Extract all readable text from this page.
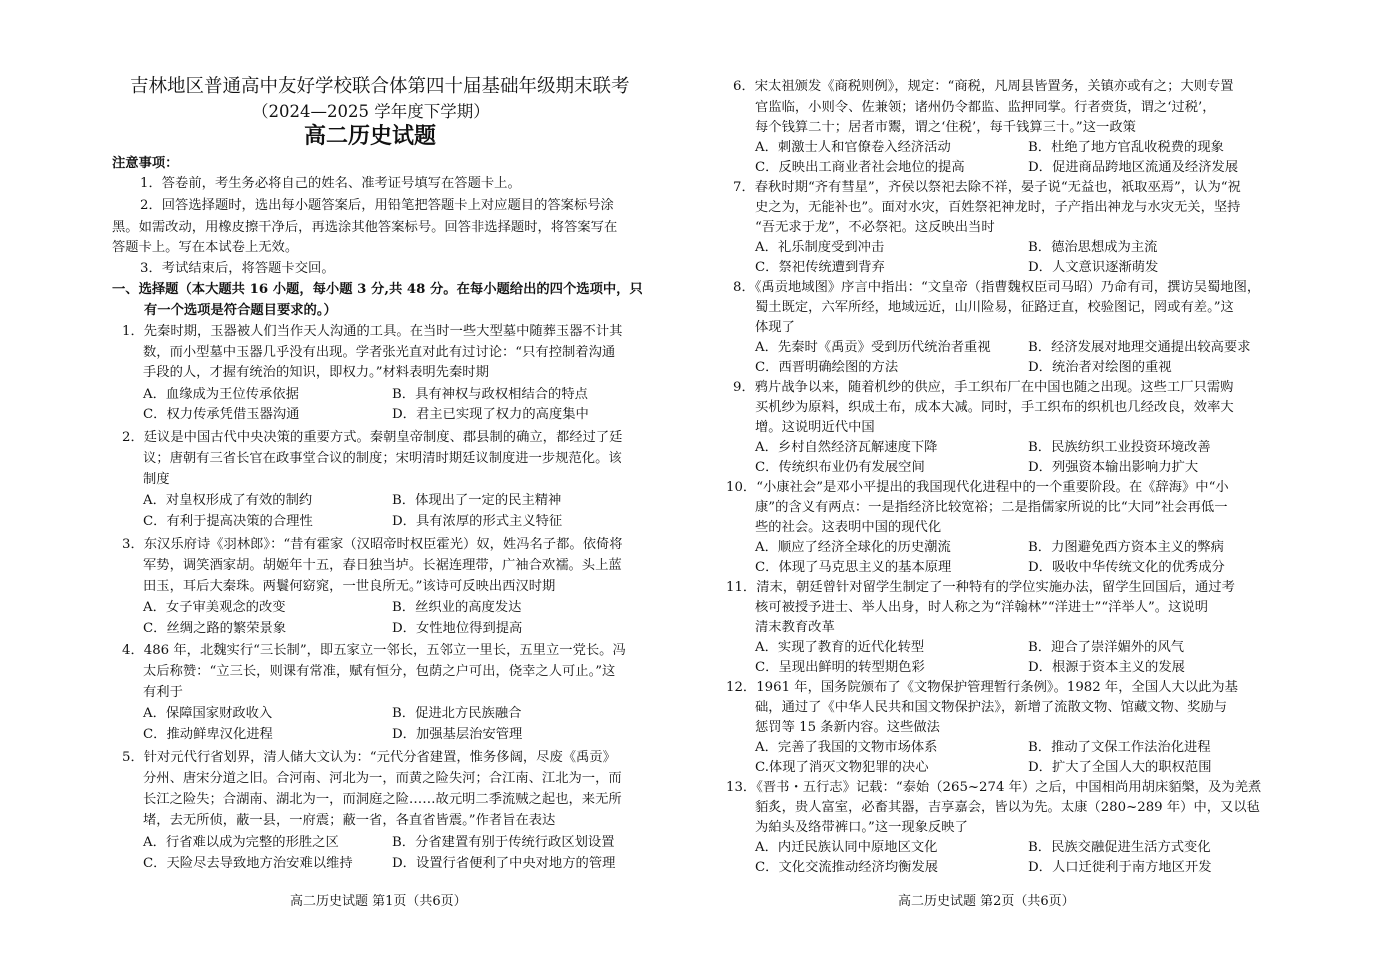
吉林地区普通高中友好学校联合体第四十届基础年级期末联考
（2024—2025 学年度下学期）
高二历史试题
注意事项：
1．答卷前，考生务必将自己的姓名、准考证号填写在答题卡上。
2．回答选择题时，选出每小题答案后，用铅笔把答题卡上对应题目的答案标号涂
黑。如需改动，用橡皮擦干净后，再选涂其他答案标号。回答非选择题时，将答案写在
答题卡上。写在本试卷上无效。
3．考试结束后，将答题卡交回。
一、选择题（本大题共 16 小题，每小题 3 分,共 48 分。在每小题给出的四个选项中，只
有一个选项是符合题目要求的。）
1．先秦时期，玉器被人们当作天人沟通的工具。在当时一些大型墓中随葬玉器不计其
数，而小型墓中玉器几乎没有出现。学者张光直对此有过讨论：“只有控制着沟通
手段的人，才握有统治的知识，即权力。”材料表明先秦时期
A．血缘成为王位传承依据	B．具有神权与政权相结合的特点
C．权力传承凭借玉器沟通	D．君主已实现了权力的高度集中
2．廷议是中国古代中央决策的重要方式。秦朝皇帝制度、郡县制的确立，都经过了廷
议；唐朝有三省长官在政事堂合议的制度；宋明清时期廷议制度进一步规范化。该
制度
A．对皇权形成了有效的制约	B．体现出了一定的民主精神
C．有利于提高决策的合理性	D．具有浓厚的形式主义特征
3．东汉乐府诗《羽林郎》：“昔有霍家（汉昭帝时权臣霍光）奴，姓冯名子都。依倚将
军势，调笑酒家胡。胡姬年十五，春日独当垆。长裾连理带，广袖合欢襦。头上蓝
田玉，耳后大秦珠。两鬟何窈窕，一世良所无。”该诗可反映出西汉时期
A．女子审美观念的改变	B．丝织业的高度发达
C．丝绸之路的繁荣景象	D．女性地位得到提高
4．486 年，北魏实行“三长制”，即五家立一邻长，五邻立一里长，五里立一党长。冯
太后称赞：“立三长，则课有常准，赋有恒分，包荫之户可出，侥幸之人可止。”这
有利于
A．保障国家财政收入	B．促进北方民族融合
C．推动鲜卑汉化进程	D．加强基层治安管理
5．针对元代行省划界，清人储大文认为：“元代分省建置，惟务侈阔，尽废《禹贡》
分州、唐宋分道之旧。合河南、河北为一，而黄之险失河；合江南、江北为一，而
长江之险失；合湖南、湖北为一，而洞庭之险……故元明二季流贼之起也，来无所
堵，去无所侦，蔽一县，一府震；蔽一省，各直省皆震。”作者旨在表达
A．行省难以成为完整的形胜之区	B．分省建置有别于传统行政区划设置
C．天险尽去导致地方治安难以维持	D．设置行省便利了中央对地方的管理
高二历史试题 第1页（共6页）
6．宋太祖颁发《商税则例》，规定：“商税，凡周县皆置务，关镇亦或有之；大则专置
官监临，小则令、佐兼领；诸州仍令都监、监押同掌。行者赍货，谓之‘过税’，
每个钱算二十；居者市鬻，谓之‘住税’，每千钱算三十。”这一政策
A．刺激士人和官僚卷入经济活动	B．杜绝了地方官乱收税费的现象
C．反映出工商业者社会地位的提高	D．促进商品跨地区流通及经济发展
7．春秋时期“齐有彗星”，齐侯以祭祀去除不祥，晏子说“无益也，祇取巫焉”，认为“祝
史之为，无能补也”。面对水灾，百姓祭祀神龙时，子产指出神龙与水灾无关，坚持
“吾无求于龙”，不必祭祀。这反映出当时
A．礼乐制度受到冲击	B．德治思想成为主流
C．祭祀传统遭到背弃	D．人文意识逐渐萌发
8．《禹贡地域图》序言中指出：“文皇帝（指曹魏权臣司马昭）乃命有司，撰访吴蜀地图，
蜀土既定，六军所经，地域远近，山川险易，征路迂直，校验图记，罔或有差。”这
体现了
A．先秦时《禹贡》受到历代统治者重视	B．经济发展对地理交通提出较高要求
C．西晋明确绘图的方法	D．统治者对绘图的重视
9．鸦片战争以来，随着机纱的供应，手工织布厂在中国也随之出现。这些工厂只需购
买机纱为原料，织成土布，成本大减。同时，手工织布的织机也几经改良，效率大
增。这说明近代中国
A．乡村自然经济瓦解速度下降	B．民族纺织工业投资环境改善
C．传统织布业仍有发展空间	D．列强资本输出影响力扩大
10．“小康社会”是邓小平提出的我国现代化进程中的一个重要阶段。在《辞海》中“小
康”的含义有两点：一是指经济比较宽裕；二是指儒家所说的比“大同”社会再低一
些的社会。这表明中国的现代化
A．顺应了经济全球化的历史潮流	B．力图避免西方资本主义的弊病
C．体现了马克思主义的基本原理	D．吸收中华传统文化的优秀成分
11．清末，朝廷曾针对留学生制定了一种特有的学位实施办法，留学生回国后，通过考
核可被授予进士、举人出身，时人称之为“洋翰林”“洋进士”“洋举人”。这说明
清末教育改革
A．实现了教育的近代化转型	B．迎合了崇洋媚外的风气
C．呈现出鲜明的转型期色彩	D．根源于资本主义的发展
12．1961 年，国务院颁布了《文物保护管理暂行条例》。1982 年，全国人大以此为基
础，通过了《中华人民共和国文物保护法》，新增了流散文物、馆藏文物、奖励与
惩罚等 15 条新内容。这些做法
A．完善了我国的文物市场体系	B．推动了文保工作法治化进程
C.体现了消灭文物犯罪的决心	D．扩大了全国人大的职权范围
13．《晋书・五行志》记载：“泰始（265~274 年）之后，中国相尚用胡床貊槃，及为羌煮
貊炙，贵人富室，必畜其器，吉享嘉会，皆以为先。太康（280~289 年）中，又以毡
为絈头及络带裤口。”这一现象反映了
A．内迁民族认同中原地区文化	B．民族交融促进生活方式变化
C．文化交流推动经济均衡发展	D．人口迁徙利于南方地区开发
高二历史试题 第2页（共6页）
